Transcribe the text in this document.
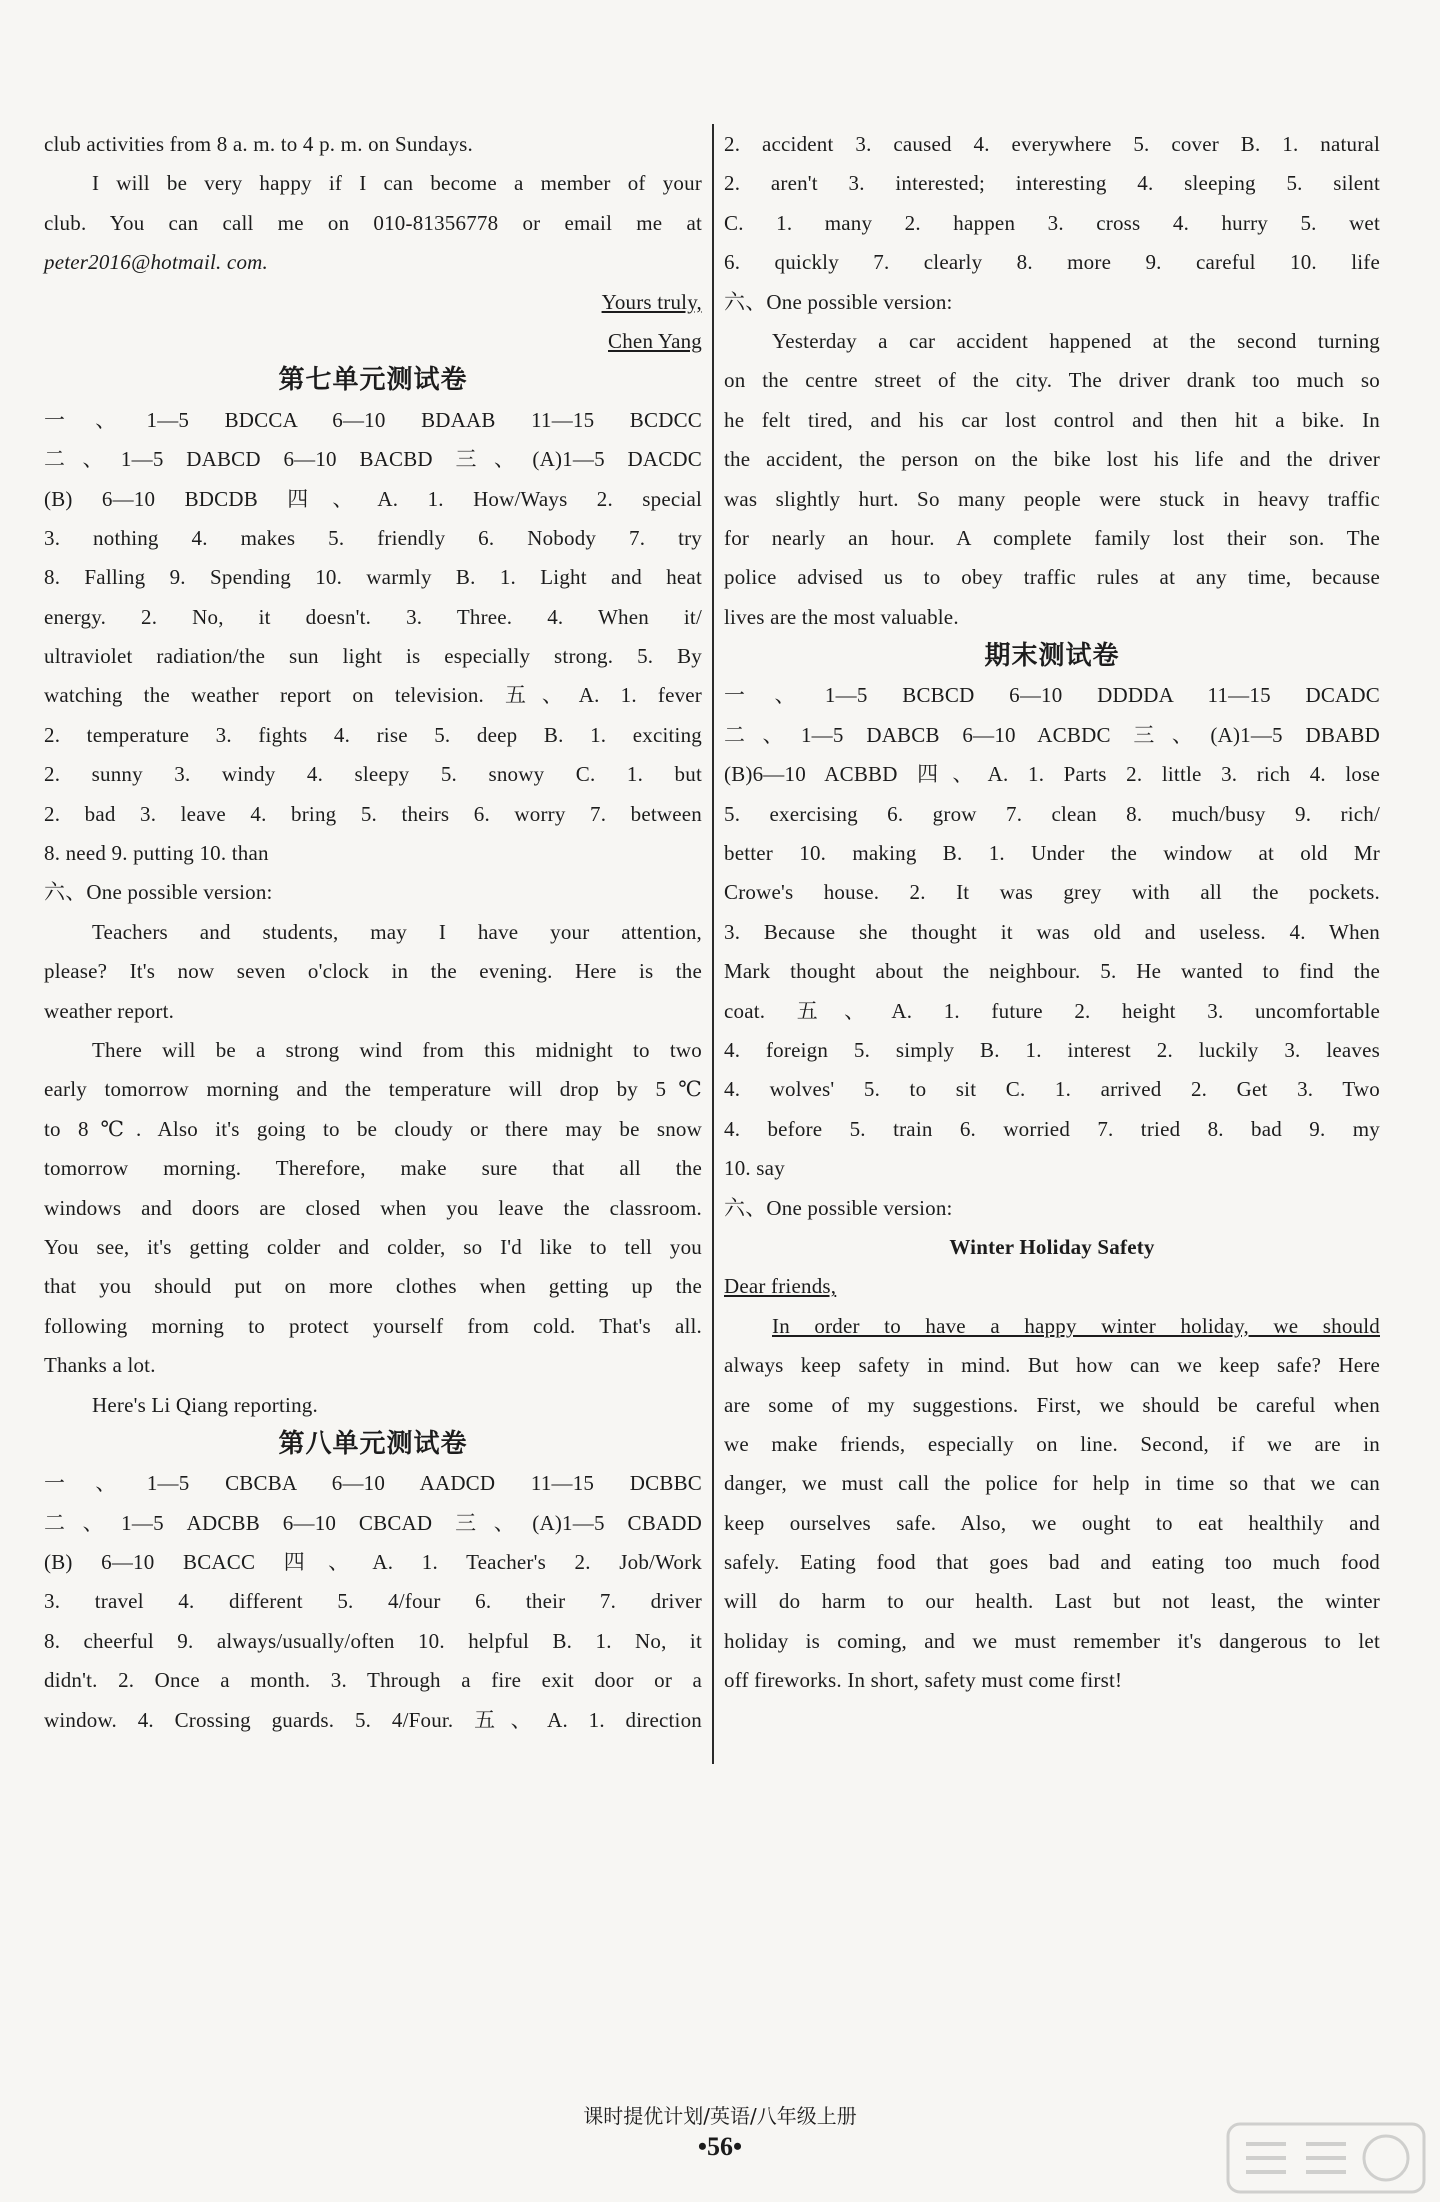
club activities from 8 a. m. to 4 p. m. on Sundays.
I will be very happy if I can become a member of your
club. You can call me on 010-81356778 or email me at
peter2016@hotmail. com.
Yours truly,
Chen Yang
第七单元测试卷
一、1—5 BDCCA 6—10 BDAAB 11—15 BCDCC
二、1—5 DABCD 6—10 BACBD 三、(A)1—5 DACDC
(B) 6—10 BDCDB 四、A. 1. How/Ways 2. special
3. nothing 4. makes 5. friendly 6. Nobody 7. try
8. Falling 9. Spending 10. warmly B. 1. Light and heat
energy. 2. No, it doesn't. 3. Three. 4. When it/
ultraviolet radiation/the sun light is especially strong. 5. By
watching the weather report on television. 五、A. 1. fever
2. temperature 3. fights 4. rise 5. deep B. 1. exciting
2. sunny 3. windy 4. sleepy 5. snowy C. 1. but
2. bad 3. leave 4. bring 5. theirs 6. worry 7. between
8. need 9. putting 10. than
六、One possible version:
Teachers and students, may I have your attention,
please? It's now seven o'clock in the evening. Here is the
weather report.
There will be a strong wind from this midnight to two
early tomorrow morning and the temperature will drop by 5℃
to 8℃. Also it's going to be cloudy or there may be snow
tomorrow morning. Therefore, make sure that all the
windows and doors are closed when you leave the classroom.
You see, it's getting colder and colder, so I'd like to tell you
that you should put on more clothes when getting up the
following morning to protect yourself from cold. That's all.
Thanks a lot.
Here's Li Qiang reporting.
第八单元测试卷
一、1—5 CBCBA 6—10 AADCD 11—15 DCBBC
二、1—5 ADCBB 6—10 CBCAD 三、(A)1—5 CBADD
(B) 6—10 BCACC 四、A. 1. Teacher's 2. Job/Work
3. travel 4. different 5. 4/four 6. their 7. driver
8. cheerful 9. always/usually/often 10. helpful B. 1. No, it
didn't. 2. Once a month. 3. Through a fire exit door or a
window. 4. Crossing guards. 5. 4/Four. 五、A. 1. direction
2. accident 3. caused 4. everywhere 5. cover B. 1. natural
2. aren't 3. interested; interesting 4. sleeping 5. silent
C. 1. many 2. happen 3. cross 4. hurry 5. wet
6. quickly 7. clearly 8. more 9. careful 10. life
六、One possible version:
Yesterday a car accident happened at the second turning
on the centre street of the city. The driver drank too much so
he felt tired, and his car lost control and then hit a bike. In
the accident, the person on the bike lost his life and the driver
was slightly hurt. So many people were stuck in heavy traffic
for nearly an hour. A complete family lost their son. The
police advised us to obey traffic rules at any time, because
lives are the most valuable.
期末测试卷
一、1—5 BCBCD 6—10 DDDDA 11—15 DCADC
二、1—5 DABCB 6—10 ACBDC 三、(A)1—5 DBABD
(B)6—10 ACBBD 四、A. 1. Parts 2. little 3. rich 4. lose
5. exercising 6. grow 7. clean 8. much/busy 9. rich/
better 10. making B. 1. Under the window at old Mr
Crowe's house. 2. It was grey with all the pockets.
3. Because she thought it was old and useless. 4. When
Mark thought about the neighbour. 5. He wanted to find the
coat. 五、A. 1. future 2. height 3. uncomfortable
4. foreign 5. simply B. 1. interest 2. luckily 3. leaves
4. wolves' 5. to sit C. 1. arrived 2. Get 3. Two
4. before 5. train 6. worried 7. tried 8. bad 9. my
10. say
六、One possible version:
Winter Holiday Safety
Dear friends,
In order to have a happy winter holiday, we should
always keep safety in mind. But how can we keep safe? Here
are some of my suggestions. First, we should be careful when
we make friends, especially on line. Second, if we are in
danger, we must call the police for help in time so that we can
keep ourselves safe. Also, we ought to eat healthily and
safely. Eating food that goes bad and eating too much food
will do harm to our health. Last but not least, the winter
holiday is coming, and we must remember it's dangerous to let
off fireworks. In short, safety must come first!
课时提优计划/英语/八年级上册
•56•
